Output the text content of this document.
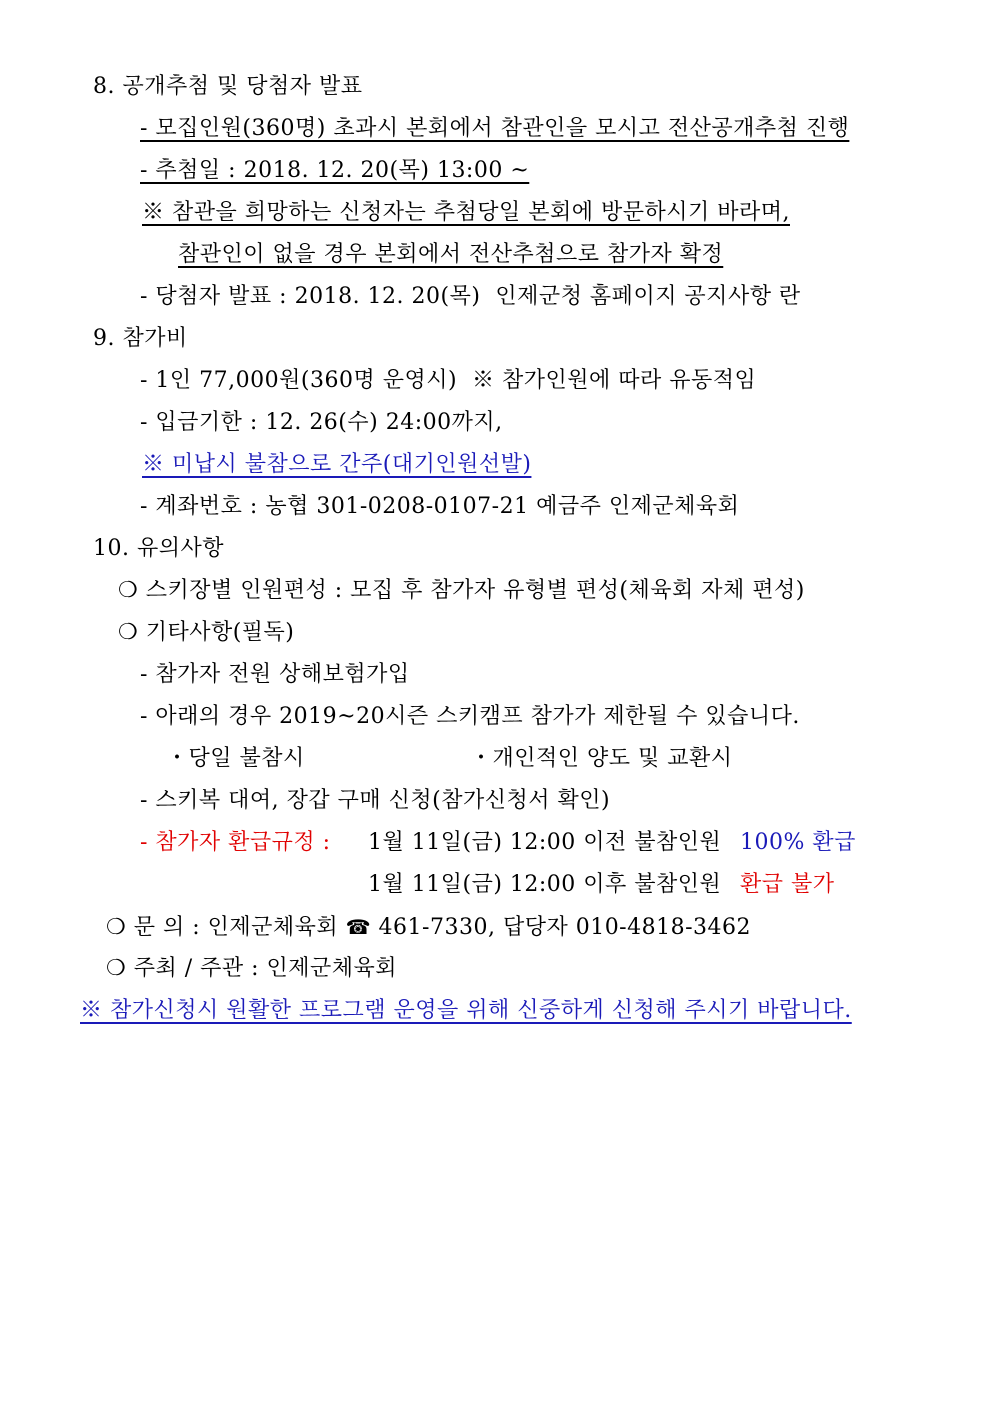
8. 공개추첨 및 당첨자 발표
- 모집인원(360명) 초과시 본회에서 참관인을 모시고 전산공개추첨 진행
- 추첨일 : 2018. 12. 20(목) 13:00 ~
※ 참관을 희망하는 신청자는 추첨당일 본회에 방문하시기 바라며,
참관인이 없을 경우 본회에서 전산추첨으로 참가자 확정
- 당첨자 발표 : 2018. 12. 20(목)  인제군청 홈페이지 공지사항 란
9. 참가비
- 1인 77,000원(360명 운영시)  ※ 참가인원에 따라 유동적임
- 입금기한 : 12. 26(수) 24:00까지,
※ 미납시 불참으로 간주(대기인원선발)
- 계좌번호 : 농협 301-0208-0107-21 예금주 인제군체육회
10. 유의사항
❍ 스키장별 인원편성 : 모집 후 참가자 유형별 편성(체육회 자체 편성)
❍ 기타사항(필독)
- 참가자 전원 상해보험가입
- 아래의 경우 2019~20시즌 스키캠프 참가가 제한될 수 있습니다.
・당일 불참시	・개인적인 양도 및 교환시
- 스키복 대여, 장갑 구매 신청(참가신청서 확인)
- 참가자 환급규정 : 1월 11일(금) 12:00 이전 불참인원 100% 환급
1월 11일(금) 12:00 이후 불참인원 환급 불가
❍ 문 의 : 인제군체육회 ☎ 461-7330, 답당자 010-4818-3462
❍ 주최 / 주관 : 인제군체육회
※ 참가신청시 원활한 프로그램 운영을 위해 신중하게 신청해 주시기 바랍니다.
